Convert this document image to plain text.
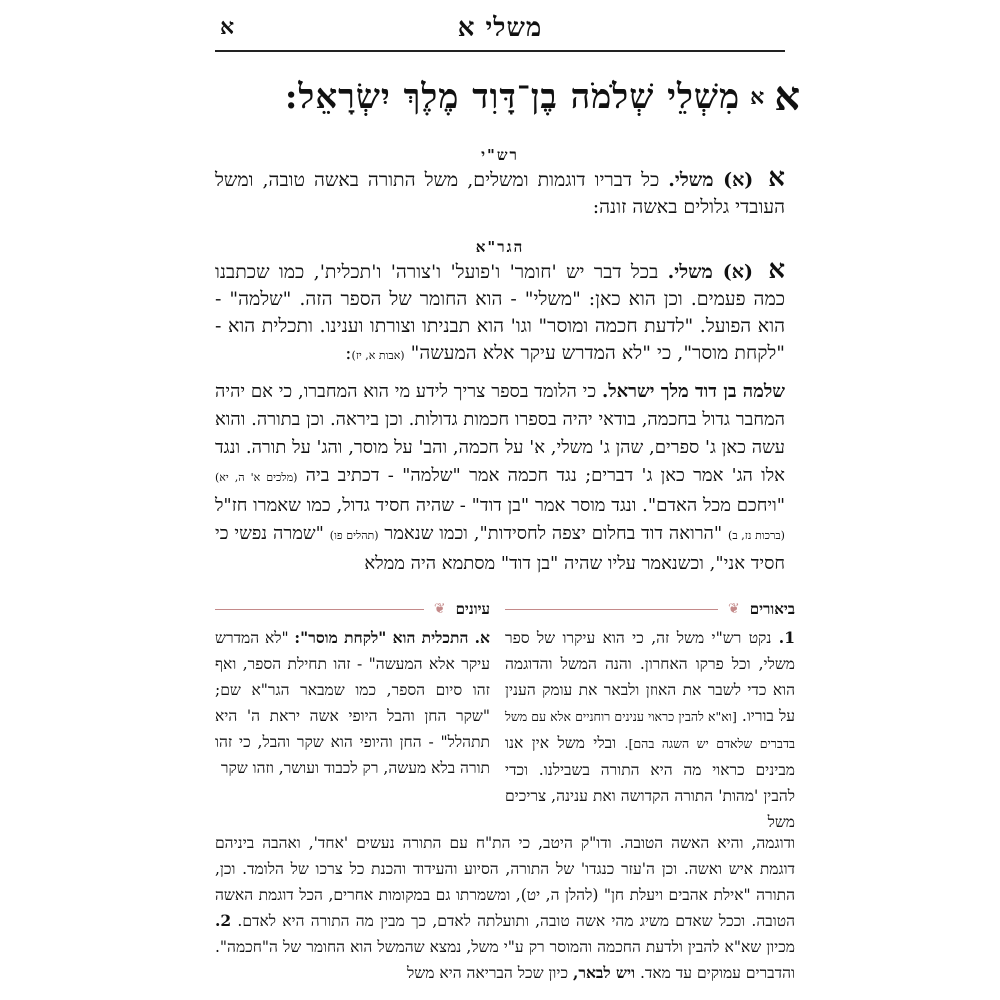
משלי א
א
א
א
מִשְׁלֵי שְׁלֹמֹה בֶן־דָּוִד מֶלֶךְ יִשְׂרָאֵל:
רש"י
א (א) משלי. כל דבריו דוגמות ומשלים, משל התורה באשה טובה, ומשל העובדי גלולים באשה זונה:
הגר"א
א (א) משלי. בכל דבר יש 'חומר' ו'פועל' ו'צורה' ו'תכלית', כמו שכתבנו כמה פעמים. וכן הוא כאן: "משלי" - הוא החומר של הספר הזה. "שלמה" - הוא הפועל. "לדעת חכמה ומוסר" וגו' הוא תבניתו וצורתו וענינו. ותכלית הוא - "לקחת מוסר", כי "לא המדרש עיקר אלא המעשה" (אבות א, יז):
שלמה בן דוד מלך ישראל. כי הלומד בספר צריך לידע מי הוא המחברו, כי אם יהיה המחבר גדול בחכמה, בודאי יהיה בספרו חכמות גדולות. וכן ביראה. וכן בתורה. והוא עשה כאן ג' ספרים, שהן ג' משלי, א' על חכמה, והב' על מוסר, והג' על תורה. ונגד אלו הג' אמר כאן ג' דברים; נגד חכמה אמר "שלמה" - דכתיב ביה (מלכים א' ה, יא) "ויחכם מכל האדם". ונגד מוסר אמר "בן דוד" - שהיה חסיד גדול, כמו שאמרו חז"ל (ברכות נז, ב) "הרואה דוד בחלום יצפה לחסידות", וכמו שנאמר (תהלים פו) "שמרה נפשי כי חסיד אני", וכשנאמר עליו שהיה "בן דוד" מסתמא היה ממלא
ביאורים
❦
עיונים
❦
1. נקט רש"י משל זה, כי הוא עיקרו של ספר משלי, וכל פרקו האחרון. והנה המשל והדוגמה הוא כדי לשבר את האוזן ולבאר את עומק הענין על בוריו. [וא"א להבין כראוי ענינים רוחניים אלא עם משל בדברים שלאדם יש השגה בהם]. ובלי משל אין אנו מבינים כראוי מה היא התורה בשבילנו. וכדי להבין 'מהות' התורה הקדושה ואת ענינה, צריכים משל
א. התכלית הוא "לקחת מוסר": "לא המדרש עיקר אלא המעשה" - זהו תחילת הספר, ואף זהו סיום הספר, כמו שמבאר הגר"א שם; "שקר החן והבל היופי אשה יראת ה' היא תתהלל" - החן והיופי הוא שקר והבל, כי זהו תורה בלא מעשה, רק לכבוד ועושר, וזהו שקר
ודוגמה, והיא האשה הטובה. ודו"ק היטב, כי הת"ח עם התורה נעשים 'אחד', ואהבה ביניהם דוגמת איש ואשה. וכן ה'עזר כנגדו' של התורה, הסיוע והעידוד והכנת כל צרכו של הלומד. וכן, התורה "אילת אהבים ויעלת חן" (להלן ה, יט), ומשמרתו גם במקומות אחרים, הכל דוגמת האשה הטובה. וככל שאדם משיג מהי אשה טובה, ותועלתה לאדם, כך מבין מה התורה היא לאדם. 2. מכיון שא"א להבין ולדעת החכמה והמוסר רק ע"י משל, נמצא שהמשל הוא החומר של ה"חכמה". והדברים עמוקים עד מאד. ויש לבאר, כיון שכל הבריאה היא משל
